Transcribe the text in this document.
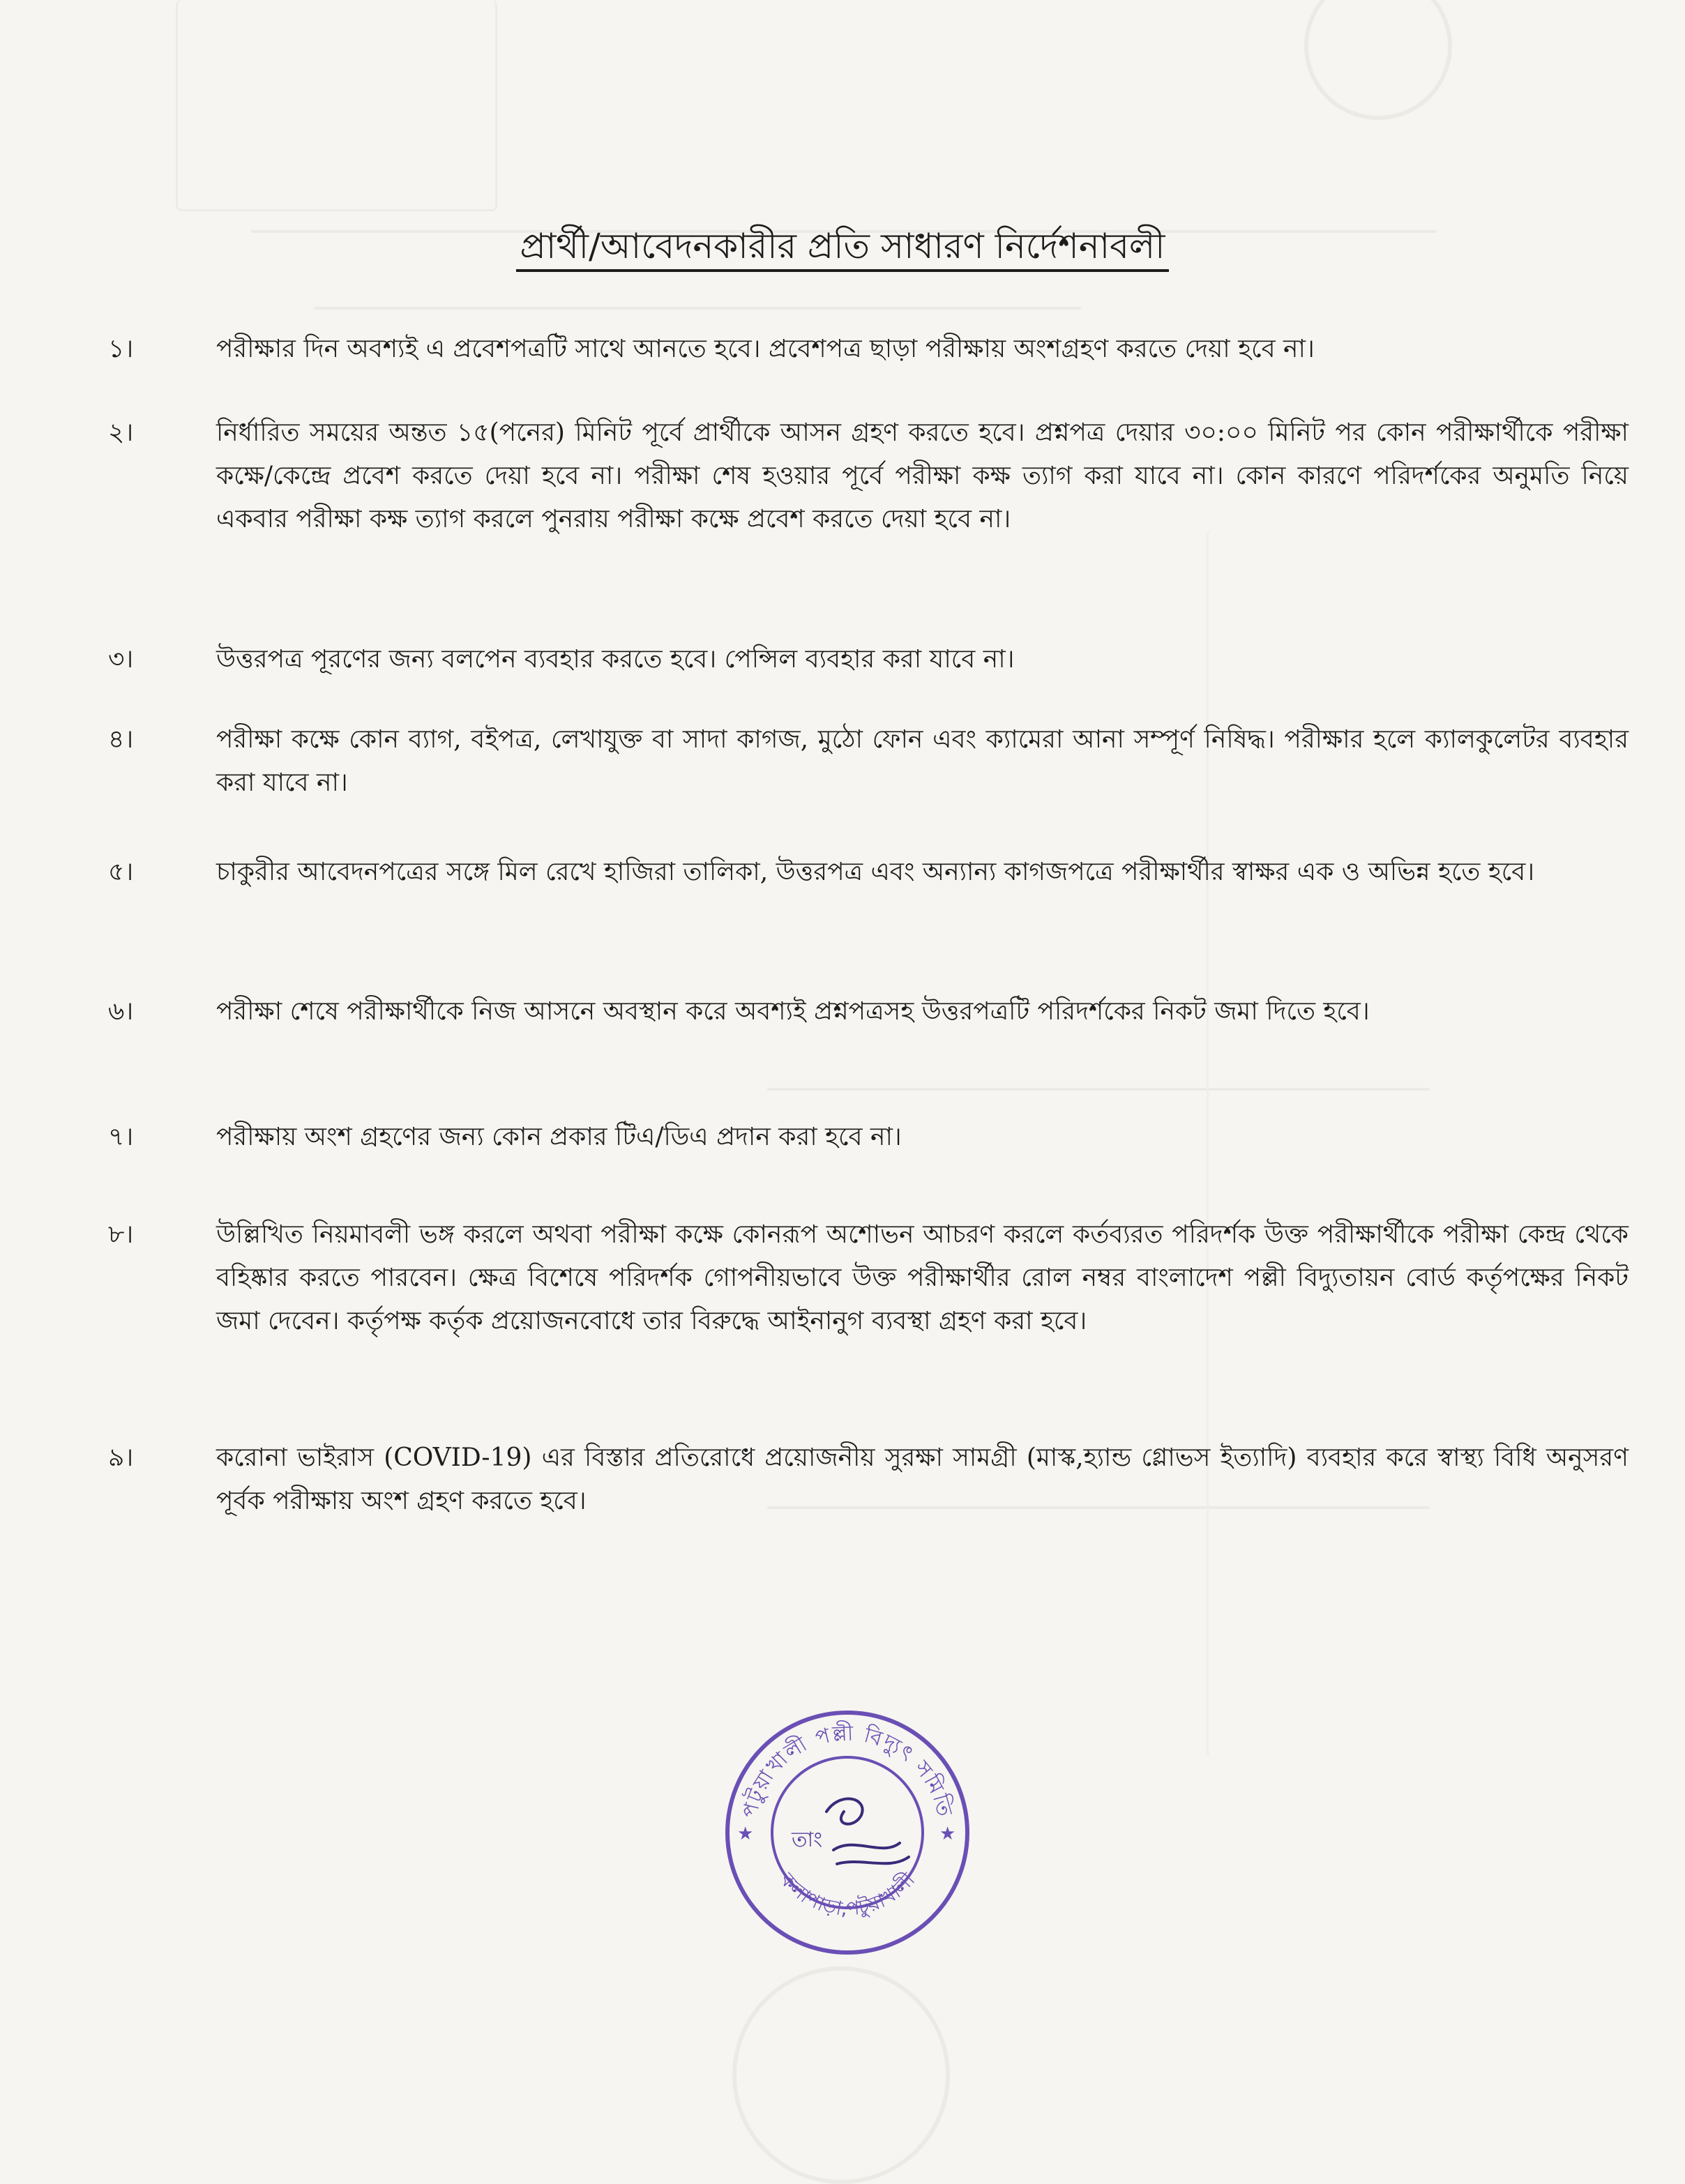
প্রার্থী/আবেদনকারীর প্রতি সাধারণ নির্দেশনাবলী
১।	পরীক্ষার দিন অবশ্যই এ প্রবেশপত্রটি সাথে আনতে হবে। প্রবেশপত্র ছাড়া পরীক্ষায় অংশগ্রহণ করতে দেয়া হবে না।
২।	নির্ধারিত সময়ের অন্তত ১৫(পনের) মিনিট পূর্বে প্রার্থীকে আসন গ্রহণ করতে হবে। প্রশ্নপত্র দেয়ার ৩০:০০ মিনিট পর কোন পরীক্ষার্থীকে পরীক্ষা কক্ষে/কেন্দ্রে প্রবেশ করতে দেয়া হবে না। পরীক্ষা শেষ হওয়ার পূর্বে পরীক্ষা কক্ষ ত্যাগ করা যাবে না। কোন কারণে পরিদর্শকের অনুমতি নিয়ে একবার পরীক্ষা কক্ষ ত্যাগ করলে পুনরায় পরীক্ষা কক্ষে প্রবেশ করতে দেয়া হবে না।
৩।	উত্তরপত্র পূরণের জন্য বলপেন ব্যবহার করতে হবে। পেন্সিল ব্যবহার করা যাবে না।
৪।	পরীক্ষা কক্ষে কোন ব্যাগ, বইপত্র, লেখাযুক্ত বা সাদা কাগজ, মুঠো ফোন এবং ক্যামেরা আনা সম্পূর্ণ নিষিদ্ধ। পরীক্ষার হলে ক্যালকুলেটর ব্যবহার করা যাবে না।
৫।	চাকুরীর আবেদনপত্রের সঙ্গে মিল রেখে হাজিরা তালিকা, উত্তরপত্র এবং অন্যান্য কাগজপত্রে পরীক্ষার্থীর স্বাক্ষর এক ও অভিন্ন হতে হবে।
৬।	পরীক্ষা শেষে পরীক্ষার্থীকে নিজ আসনে অবস্থান করে অবশ্যই প্রশ্নপত্রসহ উত্তরপত্রটি পরিদর্শকের নিকট জমা দিতে হবে।
৭।	পরীক্ষায় অংশ গ্রহণের জন্য কোন প্রকার টিএ/ডিএ প্রদান করা হবে না।
৮।	উল্লিখিত নিয়মাবলী ভঙ্গ করলে অথবা পরীক্ষা কক্ষে কোনরূপ অশোভন আচরণ করলে কর্তব্যরত পরিদর্শক উক্ত পরীক্ষার্থীকে পরীক্ষা কেন্দ্র থেকে বহিষ্কার করতে পারবেন। ক্ষেত্র বিশেষে পরিদর্শক গোপনীয়ভাবে উক্ত পরীক্ষার্থীর রোল নম্বর বাংলাদেশ পল্লী বিদ্যুতায়ন বোর্ড কর্তৃপক্ষের নিকট জমা দেবেন। কর্তৃপক্ষ কর্তৃক প্রয়োজনবোধে তার বিরুদ্ধে আইনানুগ ব্যবস্থা গ্রহণ করা হবে।
৯।	করোনা ভাইরাস (COVID-19) এর বিস্তার প্রতিরোধে প্রয়োজনীয় সুরক্ষা সামগ্রী (মাস্ক,হ্যান্ড গ্লোভস ইত্যাদি) ব্যবহার করে স্বাস্থ্য বিধি অনুসরণ পূর্বক পরীক্ষায় অংশ গ্রহণ করতে হবে।
পটুয়াখালী পল্লী বিদ্যুৎ সমিতি
কলাপাড়া,পটুয়াখালী
★	★
তাং
